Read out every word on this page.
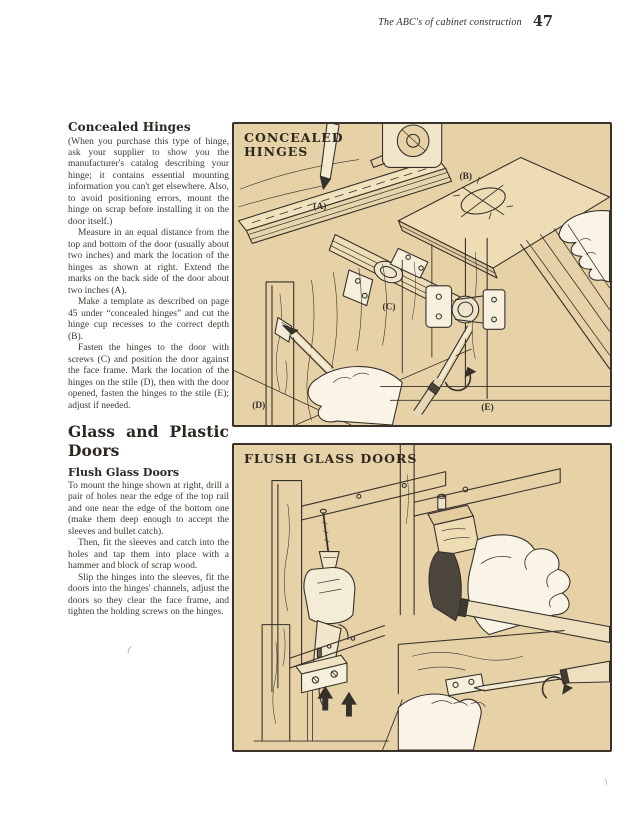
The ABC's of cabinet construction 47
Concealed Hinges

(When you purchase this type of hinge, ask your supplier to show you the manufacturer's catalog describing your hinge; it contains essential mounting information you can't get elsewhere. Also, to avoid positioning errors, mount the hinge on scrap before installing it on the door itself.)

Measure in an equal distance from the top and bottom of the door (usually about two inches) and mark the location of the hinges as shown at right. Extend the marks on the back side of the door about two inches (A).

Make a template as described on page 45 under “concealed hinges” and cut the hinge cup recesses to the correct depth (B).

Fasten the hinges to the door with screws (C) and position the door against the face frame. Mark the location of the hinges on the stile (D), then with the door opened, fasten the hinges to the stile (E); adjust if needed.

Glass and Plastic Doors
Flush Glass Doors

To mount the hinge shown at right, drill a pair of holes near the edge of the top rail and one near the edge of the bottom one (make them deep enough to accept the sleeves and bullet catch).

Then, fit the sleeves and catch into the holes and tap them into place with a hammer and block of scrap wood.

Slip the hinges into the sleeves, fit the doors into the hinges' channels, adjust the doors so they clear the face frame, and tighten the holding screws on the hinges.

CONCEALED
HINGES
(A)
(B)
(C)
(D)	(E)
FLUSH GLASS DOORS
